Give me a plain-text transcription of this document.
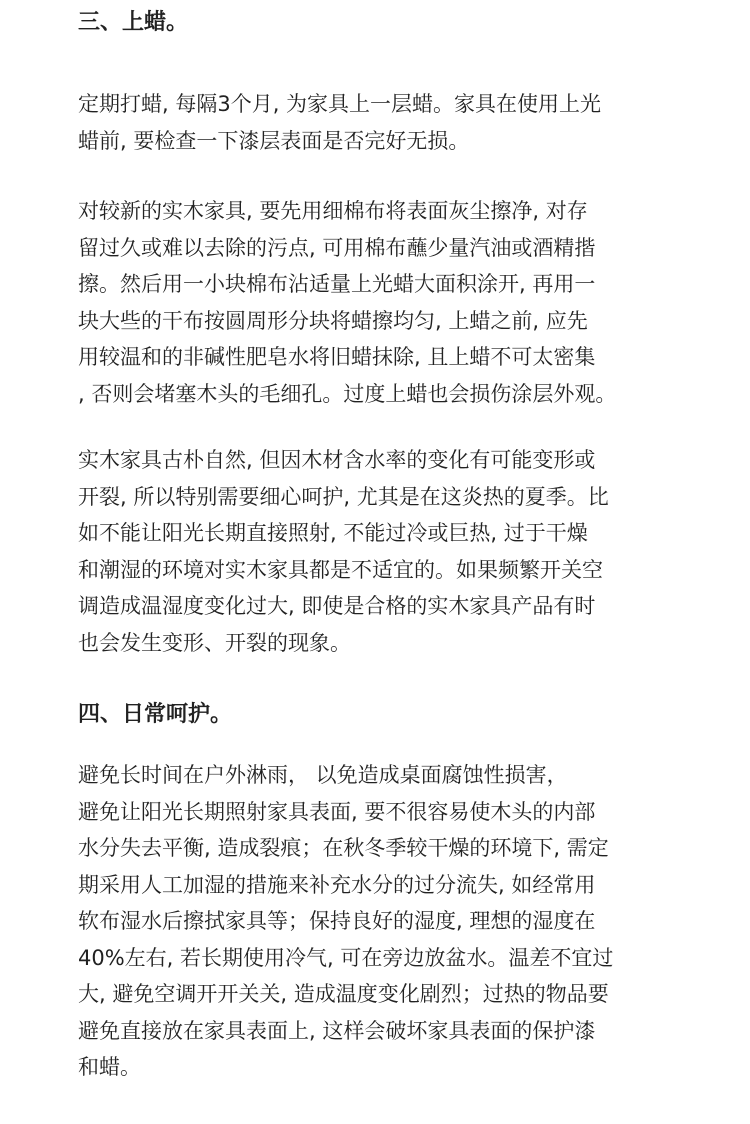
三、上蜡。
定期打蜡, 每隔3个月, 为家具上一层蜡。家具在使用上光
蜡前, 要检查一下漆层表面是否完好无损。
对较新的实木家具, 要先用细棉布将表面灰尘擦净, 对存
留过久或难以去除的污点, 可用棉布蘸少量汽油或酒精揩
擦。然后用一小块棉布沾适量上光蜡大面积涂开, 再用一
块大些的干布按圆周形分块将蜡擦均匀, 上蜡之前, 应先
用较温和的非碱性肥皂水将旧蜡抹除, 且上蜡不可太密集
, 否则会堵塞木头的毛细孔。过度上蜡也会损伤涂层外观。
实木家具古朴自然, 但因木材含水率的变化有可能变形或
开裂, 所以特别需要细心呵护, 尤其是在这炎热的夏季。比
如不能让阳光长期直接照射, 不能过冷或巨热, 过于干燥
和潮湿的环境对实木家具都是不适宜的。如果频繁开关空
调造成温湿度变化过大, 即使是合格的实木家具产品有时
也会发生变形、开裂的现象。
四、日常呵护。
避免长时间在户外淋雨， 以免造成桌面腐蚀性损害，
避免让阳光长期照射家具表面, 要不很容易使木头的内部
水分失去平衡, 造成裂痕；在秋冬季较干燥的环境下, 需定
期采用人工加湿的措施来补充水分的过分流失, 如经常用
软布湿水后擦拭家具等；保持良好的湿度, 理想的湿度在
40%左右, 若长期使用冷气, 可在旁边放盆水。温差不宜过
大, 避免空调开开关关, 造成温度变化剧烈；过热的物品要
避免直接放在家具表面上, 这样会破坏家具表面的保护漆
和蜡。
